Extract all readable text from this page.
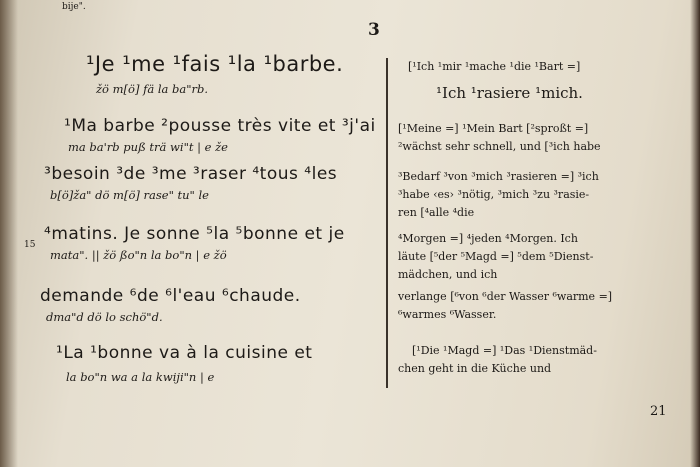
bije".
3
¹Je ¹me ¹fais ¹la ¹barbe.
žö m[ö] fä la ba"rb.
¹Ma barbe ²pousse très vite et ³j'ai
ma ba'rb puß trä wi"t | e že
³besoin ³de ³me ³raser ⁴tous ⁴les
b[ö]ža" dö m[ö] rase" tu" le
15
⁴matins. Je sonne ⁵la ⁵bonne et je
mata". || žö ßo"n la bo"n | e žö
demande ⁶de ⁶l'eau ⁶chaude.
dma"d dö lo schö"d.
¹La ¹bonne va à la cuisine et
la bo"n wa a la kwiji"n | e
[¹Ich ¹mir ¹mache ¹die ¹Bart =]
¹Ich ¹rasiere ¹mich.
[¹Meine =] ¹Mein Bart [²sproßt =]
²wächst sehr schnell, und [³ich habe
³Bedarf ³von ³mich ³rasieren =] ³ich
³habe ‹es› ³nötig, ³mich ³zu ³rasie-
ren [⁴alle ⁴die
⁴Morgen =] ⁴jeden ⁴Morgen. Ich
läute [⁵der ⁵Magd =] ⁵dem ⁵Dienst-
mädchen, und ich
verlange [⁶von ⁶der Wasser ⁶warme =]
⁶warmes ⁶Wasser.
[¹Die ¹Magd =] ¹Das ¹Dienstmäd-
chen geht in die Küche und
21
